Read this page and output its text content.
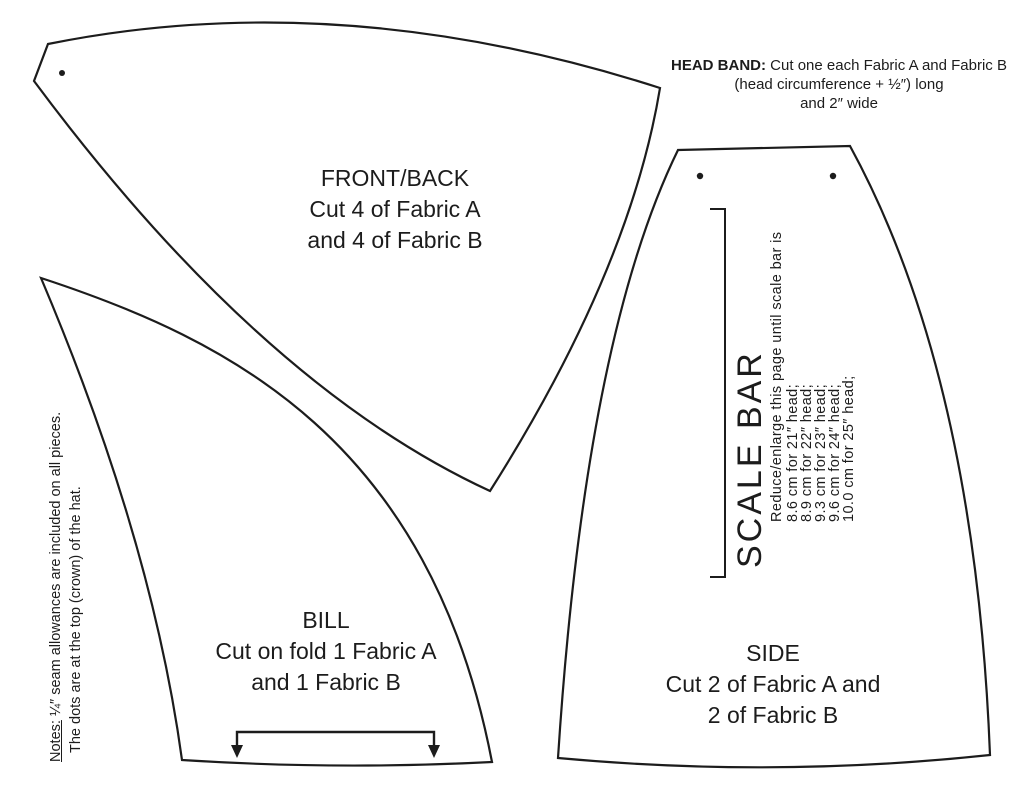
HEAD BAND: Cut one each Fabric A and Fabric B
(head circumference + ½″) long
and 2″ wide
FRONT/BACK
Cut 4 of Fabric A
and 4 of Fabric B
BILL
Cut on fold 1 Fabric A
and 1 Fabric B
SIDE
Cut 2 of Fabric A and
2 of Fabric B
SCALE BAR Reduce/enlarge this page until scale bar is 8.6 cm for 21″ head;
8.9 cm for 22″ head;
9.3 cm for 23″ head;
9.6 cm for 24″ head;
10.0 cm for 25″ head;
Notes: ¼″ seam allowances are included on all pieces. The dots are at the top (crown) of the hat.
